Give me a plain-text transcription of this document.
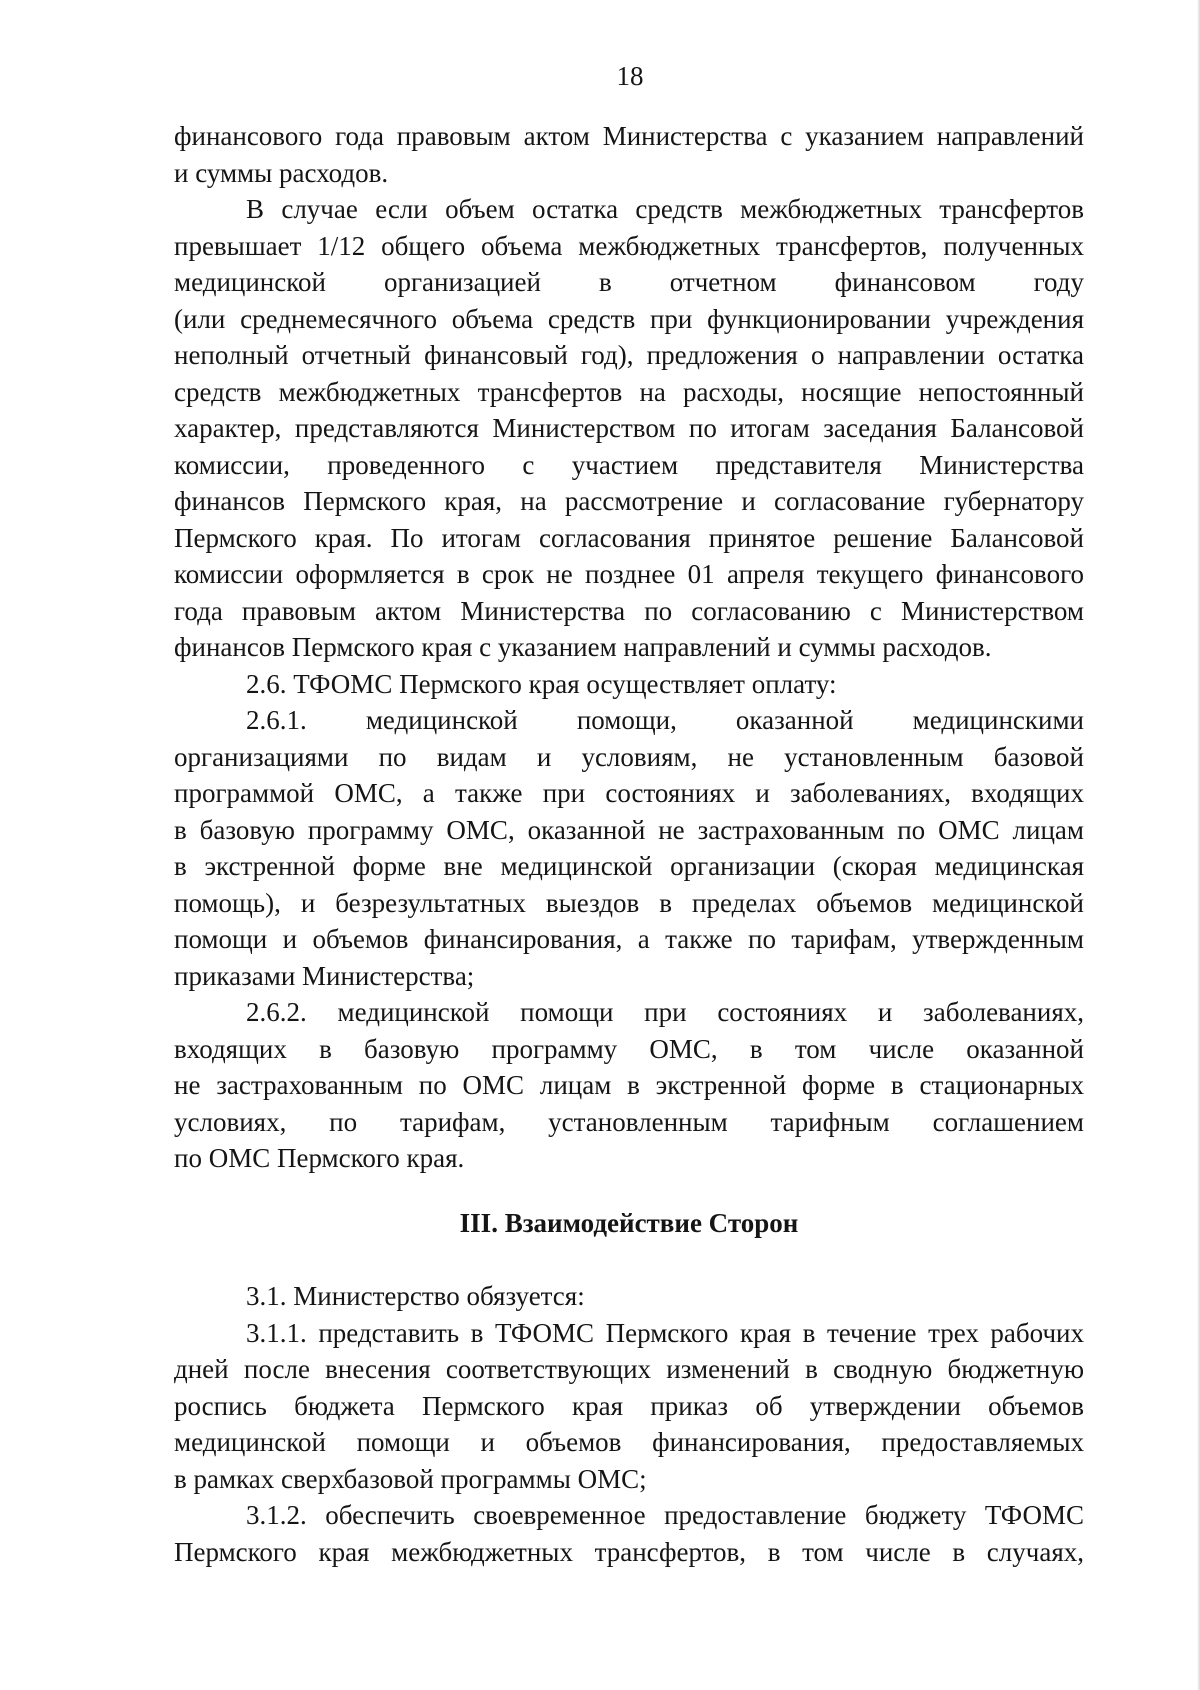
18

финансового года правовым актом Министерства с указанием направлений

и суммы расходов.

В случае если объем остатка средств межбюджетных трансфертов

превышает 1/12 общего объема межбюджетных трансфертов, полученных

медицинской организацией в отчетном финансовом году

(или среднемесячного объема средств при функционировании учреждения

неполный отчетный финансовый год), предложения о направлении остатка

средств межбюджетных трансфертов на расходы, носящие непостоянный

характер, представляются Министерством по итогам заседания Балансовой

комиссии, проведенного с участием представителя Министерства

финансов Пермского края, на рассмотрение и согласование губернатору

Пермского края. По итогам согласования принятое решение Балансовой

комиссии оформляется в срок не позднее 01 апреля текущего финансового

года правовым актом Министерства по согласованию с Министерством

финансов Пермского края с указанием направлений и суммы расходов.

2.6. ТФОМС Пермского края осуществляет оплату:

2.6.1. медицинской помощи, оказанной медицинскими

организациями по видам и условиям, не установленным базовой

программой ОМС, а также при состояниях и заболеваниях, входящих

в базовую программу ОМС, оказанной не застрахованным по ОМС лицам

в экстренной форме вне медицинской организации (скорая медицинская

помощь), и безрезультатных выездов в пределах объемов медицинской

помощи и объемов финансирования, а также по тарифам, утвержденным

приказами Министерства;

2.6.2. медицинской помощи при состояниях и заболеваниях,

входящих в базовую программу ОМС, в том числе оказанной

не застрахованным по ОМС лицам в экстренной форме в стационарных

условиях, по тарифам, установленным тарифным соглашением

по ОМС Пермского края.

III. Взаимодействие Сторон

3.1. Министерство обязуется:

3.1.1. представить в ТФОМС Пермского края в течение трех рабочих

дней после внесения соответствующих изменений в сводную бюджетную

роспись бюджета Пермского края приказ об утверждении объемов

медицинской помощи и объемов финансирования, предоставляемых

в рамках сверхбазовой программы ОМС;

3.1.2. обеспечить своевременное предоставление бюджету ТФОМС

Пермского края межбюджетных трансфертов, в том числе в случаях,
